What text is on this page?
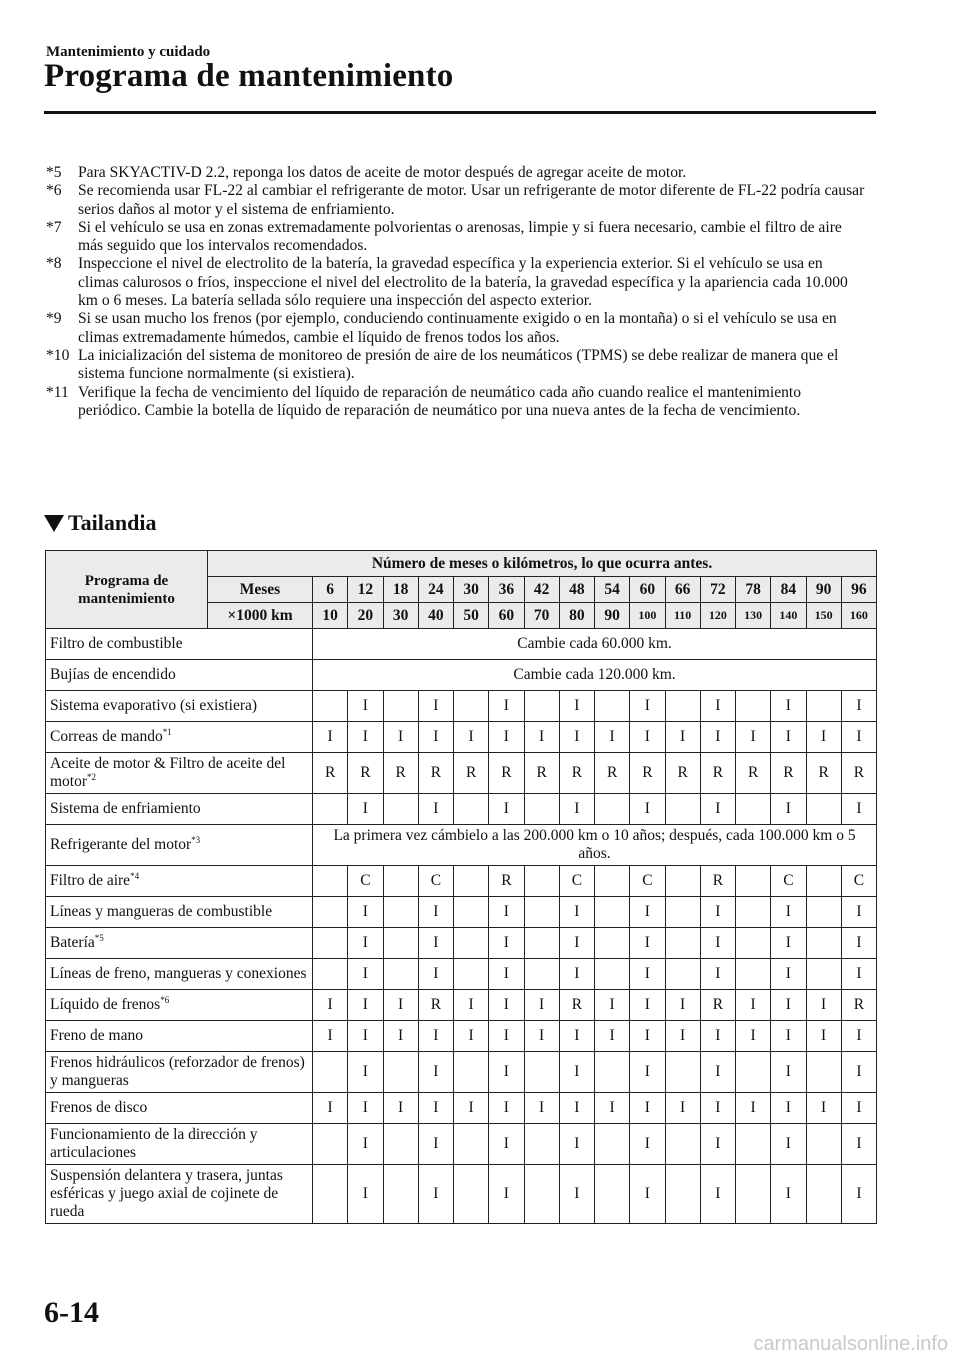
Mantenimiento y cuidado
Programa de mantenimiento
*5	Para SKYACTIV-D 2.2, reponga los datos de aceite de motor después de agregar aceite de motor.
*6	Se recomienda usar FL-22 al cambiar el refrigerante de motor. Usar un refrigerante de motor diferente de FL-22 podría causar serios daños al motor y el sistema de enfriamiento.
*7	Si el vehículo se usa en zonas extremadamente polvorientas o arenosas, limpie y si fuera necesario, cambie el filtro de aire más seguido que los intervalos recomendados.
*8	Inspeccione el nivel de electrolito de la batería, la gravedad específica y la experiencia exterior. Si el vehículo se usa en climas calurosos o fríos, inspeccione el nivel del electrolito de la batería, la gravedad específica y la apariencia cada 10.000 km o 6 meses. La batería sellada sólo requiere una inspección del aspecto exterior.
*9	Si se usan mucho los frenos (por ejemplo, conduciendo continuamente exigido o en la montaña) o si el vehículo se usa en climas extremadamente húmedos, cambie el líquido de frenos todos los años.
*10 La inicialización del sistema de monitoreo de presión de aire de los neumáticos (TPMS) se debe realizar de manera que el sistema funcione normalmente (si existiera).
*11 Verifique la fecha de vencimiento del líquido de reparación de neumático cada año cuando realice el mantenimiento periódico. Cambie la botella de líquido de reparación de neumático por una nueva antes de la fecha de vencimiento.
Tailandia
Programa de mantenimiento	Número de meses o kilómetros, lo que ocurra antes.																
	Meses	6	12	18	24	30	36	42	48	54	60	66	72	78	84	90	96
	×1000 km	10	20	30	40	50	60	70	80	90	100	110	120	130	140	150	160
Filtro de combustible		Cambie cada 60.000 km.															
Bujías de encendido		Cambie cada 120.000 km.															
Sistema evaporativo (si existiera)			I		I		I		I		I		I		I		I
Correas de mando$^{*1}$		I	I	I	I	I	I	I	I	I	I	I	I	I	I	I	I
Aceite de motor & Filtro de aceite del motor$^{*2}$		R	R	R	R	R	R	R	R	R	R	R	R	R	R	R	R
Sistema de enfriamiento			I		I		I		I		I		I		I		I
Refrigerante del motor$^{*3}$		La primera vez cámbielo a las 200.000 km o 10 años; después, cada 100.000 km o 5 años.															
Filtro de aire$^{*4}$			C		C		R		C		C		R		C		C
Líneas y mangueras de combustible			I		I		I		I		I		I		I		I
Batería$^{*5}$			I		I		I		I		I		I		I		I
Líneas de freno, mangueras y conexiones			I		I		I		I		I		I		I		I
Líquido de frenos$^{*6}$		I	I	I	R	I	I	I	R	I	I	I	R	I	I	I	R
Freno de mano		I	I	I	I	I	I	I	I	I	I	I	I	I	I	I	I
Frenos hidráulicos (reforzador de frenos) y mangueras			I		I		I		I		I		I		I		I
Frenos de disco		I	I	I	I	I	I	I	I	I	I	I	I	I	I	I	I
Funcionamiento de la dirección y articulaciones			I		I		I		I		I		I		I		I
Suspensión delantera y trasera, juntas esféricas y juego axial de cojinete de rueda			I		I		I		I		I		I		I		I
6-14
carmanualsonline.info
